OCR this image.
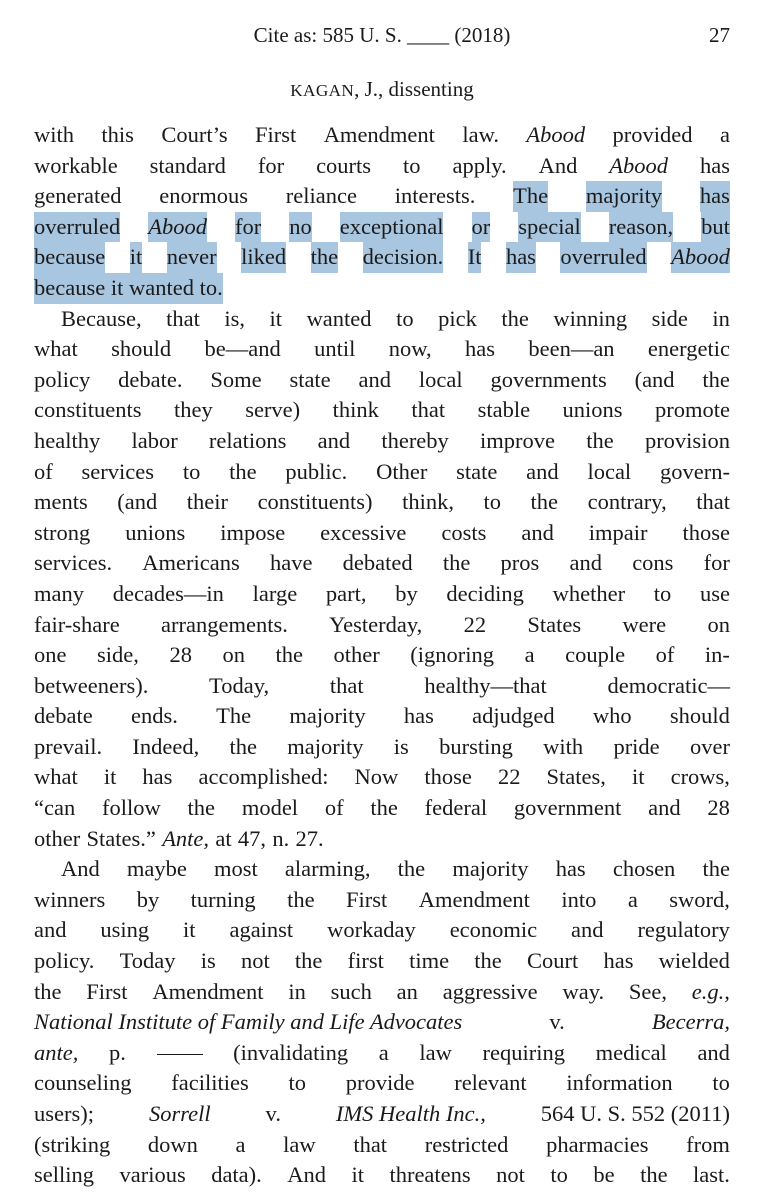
Cite as: 585 U. S. ____ (2018)	27
KAGAN, J., dissenting
with this Court’s First Amendment law. Abood provided a
workable standard for courts to apply. And Abood has
generated enormous reliance interests. The majority has
overruled Abood for no exceptional or special reason, but
because it never liked the decision. It has overruled Abood
because it wanted to.
Because, that is, it wanted to pick the winning side in
what should be—and until now, has been—an energetic
policy debate. Some state and local governments (and the
constituents they serve) think that stable unions promote
healthy labor relations and thereby improve the provision
of services to the public. Other state and local govern-
ments (and their constituents) think, to the contrary, that
strong unions impose excessive costs and impair those
services. Americans have debated the pros and cons for
many decades—in large part, by deciding whether to use
fair-share arrangements. Yesterday, 22 States were on
one side, 28 on the other (ignoring a couple of in-
betweeners).	Today,	that	healthy—that	democratic—
debate ends. The majority has adjudged who should
prevail. Indeed, the majority is bursting with pride over
what it has accomplished: Now those 22 States, it crows,
“can follow the model of the federal government and 28
other States.” Ante, at 47, n. 27.
And maybe most alarming, the majority has chosen the
winners by turning the First Amendment into a sword,
and using it against workaday economic and regulatory
policy. Today is not the first time the Court has wielded
the First Amendment in such an aggressive way. See, e.g.,
National Institute of Family and Life Advocates	v.	Becerra,
ante, p.	(invalidating a law requiring medical and
counseling facilities to provide relevant information to
users); Sorrell v. IMS Health Inc., 564 U. S. 552 (2011)
(striking down a law that restricted pharmacies from
selling various data). And it threatens not to be the last.
